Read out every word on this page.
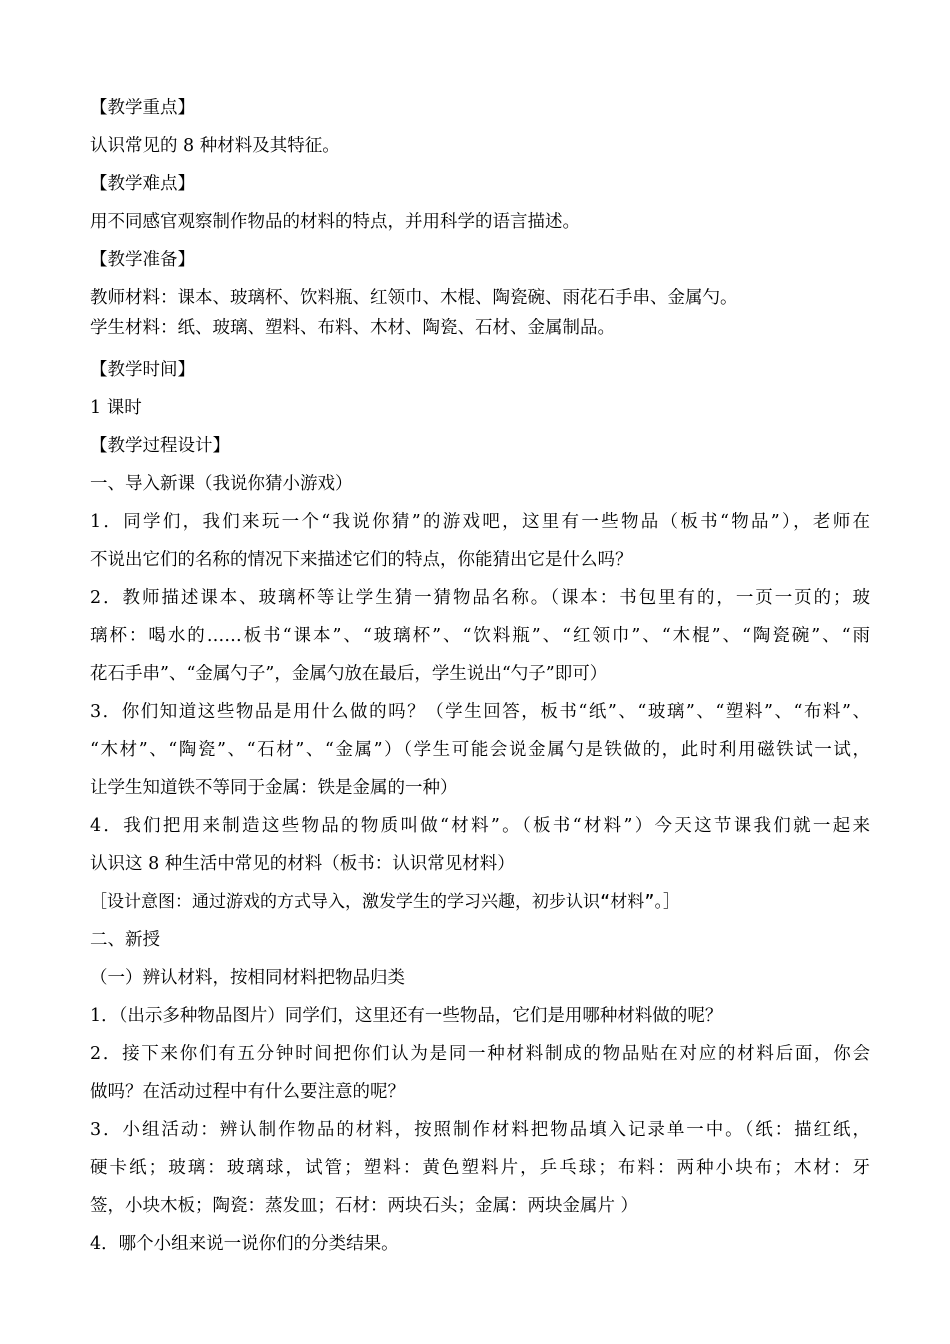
【教学重点】
认识常见的 8 种材料及其特征。
【教学难点】
用不同感官观察制作物品的材料的特点，并用科学的语言描述。
【教学准备】
教师材料：课本、玻璃杯、饮料瓶、红领巾、木棍、陶瓷碗、雨花石手串、金属勺。
学生材料：纸、玻璃、塑料、布料、木材、陶瓷、石材、金属制品。
【教学时间】
1 课时
【教学过程设计】
一、导入新课（我说你猜小游戏）
1．同学们，我们来玩一个“我说你猜”的游戏吧，这里有一些物品（板书“物品”），老师在
不说出它们的名称的情况下来描述它们的特点，你能猜出它是什么吗？
2．教师描述课本、玻璃杯等让学生猜一猜物品名称。（课本：书包里有的，一页一页的；玻
璃杯：喝水的……板书“课本”、“玻璃杯”、“饮料瓶”、“红领巾”、“木棍”、“陶瓷碗”、“雨
花石手串”、“金属勺子”，金属勺放在最后，学生说出“勺子”即可）
3．你们知道这些物品是用什么做的吗？（学生回答，板书“纸”、“玻璃”、“塑料”、“布料”、
“木材”、“陶瓷”、“石材”、“金属”）（学生可能会说金属勺是铁做的，此时利用磁铁试一试，
让学生知道铁不等同于金属：铁是金属的一种）
4．我们把用来制造这些物品的物质叫做“材料”。（板书“材料”）今天这节课我们就一起来
认识这 8 种生活中常见的材料（板书：认识常见材料）
［设计意图：通过游戏的方式导入，激发学生的学习兴趣，初步认识“材料”。］
二、新授
（一）辨认材料，按相同材料把物品归类
1．（出示多种物品图片）同学们，这里还有一些物品，它们是用哪种材料做的呢？
2．接下来你们有五分钟时间把你们认为是同一种材料制成的物品贴在对应的材料后面，你会
做吗？在活动过程中有什么要注意的呢？
3．小组活动：辨认制作物品的材料，按照制作材料把物品填入记录单一中。（纸：描红纸，
硬卡纸；玻璃：玻璃球，试管；塑料：黄色塑料片，乒乓球；布料：两种小块布；木材：牙
签，小块木板；陶瓷：蒸发皿；石材：两块石头；金属：两块金属片 ）
4．哪个小组来说一说你们的分类结果。
